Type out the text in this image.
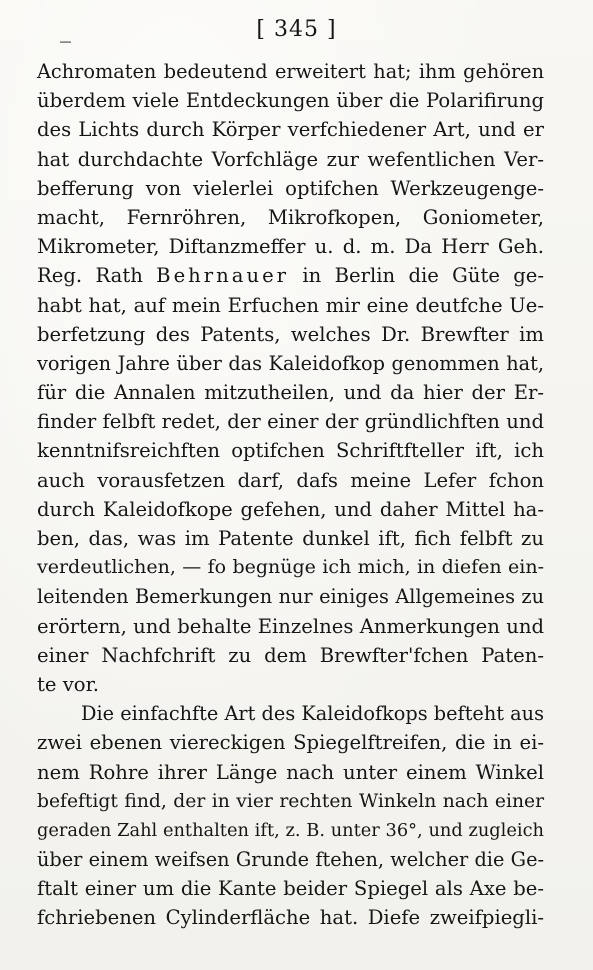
_	[ 345 ]
Achromaten bedeutend erweitert hat; ihm gehören
überdem viele Entdeckungen über die Polarifirung
des Lichts durch Körper verfchiedener Art, und er
hat durchdachte Vorfchläge zur wefentlichen Ver-
befferung von vielerlei optifchen Werkzeugenge-
macht, Fernröhren, Mikrofkopen, Goniometer,
Mikrometer, Diftanzmeffer u. d. m. Da Herr Geh.
Reg. Rath Behrnauer in Berlin die Güte ge-
habt hat, auf mein Erfuchen mir eine deutfche Ue-
berfetzung des Patents, welches Dr. Brewfter im
vorigen Jahre über das Kaleidofkop genommen hat,
für die Annalen mitzutheilen, und da hier der Er-
finder felbft redet, der einer der gründlichften und
kenntnifsreichften optifchen Schriftfteller ift, ich
auch vorausfetzen darf, dafs meine Lefer fchon
durch Kaleidofkope gefehen, und daher Mittel ha-
ben, das, was im Patente dunkel ift, fich felbft zu
verdeutlichen, — fo begnüge ich mich, in diefen ein-
leitenden Bemerkungen nur einiges Allgemeines zu
erörtern, und behalte Einzelnes Anmerkungen und
einer Nachfchrift zu dem Brewfter'fchen Paten-
te vor.
Die einfachfte Art des Kaleidofkops befteht aus
zwei ebenen viereckigen Spiegelftreifen, die in ei-
nem Rohre ihrer Länge nach unter einem Winkel
befeftigt find, der in vier rechten Winkeln nach einer
geraden Zahl enthalten ift, z. B. unter 36°, und zugleich
über einem weifsen Grunde ftehen, welcher die Ge-
ftalt einer um die Kante beider Spiegel als Axe be-
fchriebenen Cylinderfläche hat. Diefe zweifpiegli-
